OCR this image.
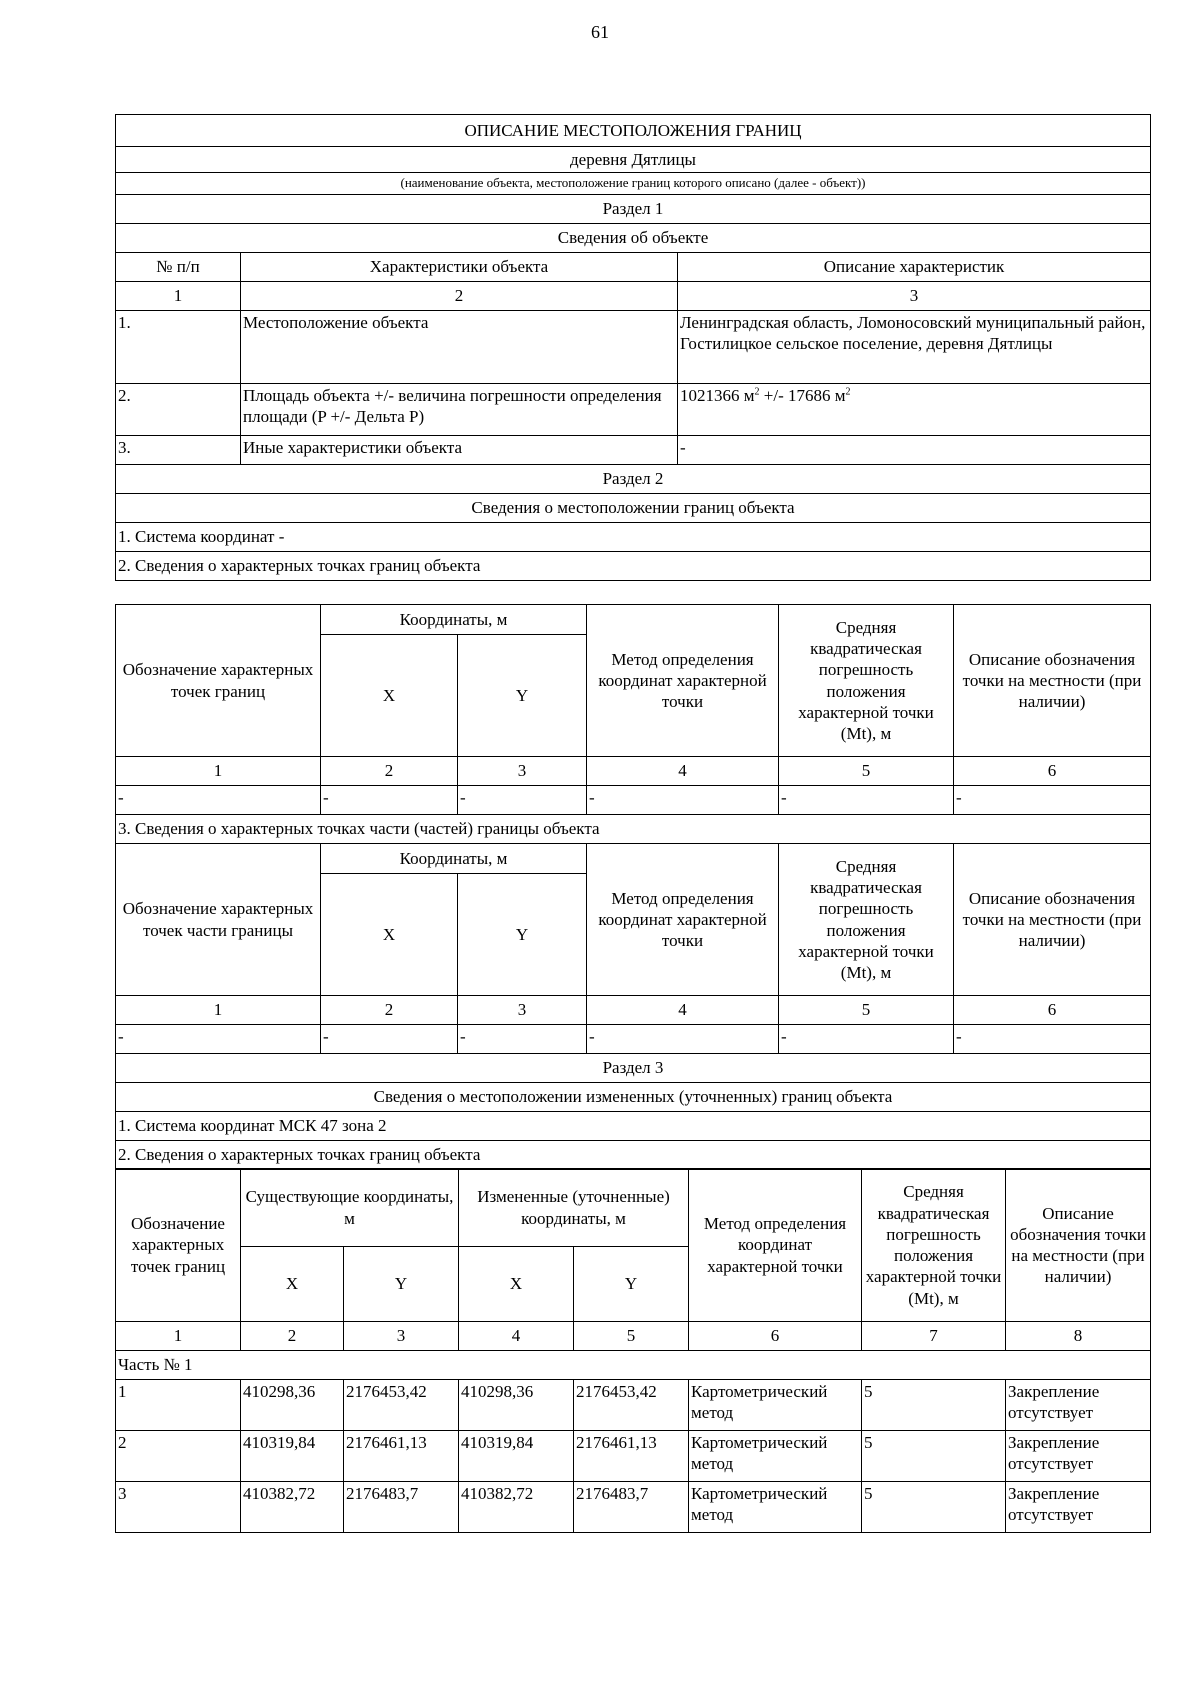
61
ОПИСАНИЕ МЕСТОПОЛОЖЕНИЯ ГРАНИЦ		
деревня Дятлицы		
(наименование объекта, местоположение границ которого описано (далее - объект))		
Раздел 1		
Сведения об объекте		
№ п/п	Характеристики объекта	Описание характеристик
1	2	3
1.	Местоположение объекта	Ленинградская область, Ломоносовский муниципальный район, Гостилицкое сельское поселение, деревня Дятлицы
2.	Площадь объекта +/- величина погрешности определения площади (P +/- Дельта P)	1021366 $м^2$ +/- 17686 $м^2$
3.	Иные характеристики объекта	-
Раздел 2		
Сведения о местоположении границ объекта		
1. Система координат -		
2. Сведения о характерных точках границ объекта		
Обозначение характерных точек границ	Координаты, м		Метод определения координат характерной точки	Средняя квадратическая погрешность положения характерной точки (Mt), м	Описание обозначения точки на местности (при наличии)
	X	Y			
1	2	3	4	5	6
-	-	-	-	-	-
3. Сведения о характерных точках части (частей) границы объекта					
Обозначение характерных точек части границы	Координаты, м		Метод определения координат характерной точки	Средняя квадратическая погрешность положения характерной точки (Mt), м	Описание обозначения точки на местности (при наличии)
	X	Y			
1	2	3	4	5	6
-	-	-	-	-	-
Раздел 3					
Сведения о местоположении измененных (уточненных) границ объекта					
1. Система координат МСК 47 зона 2					
2. Сведения о характерных точках границ объекта					
Обозначение характерных точек границ	Существующие координаты, м		Измененные (уточненные) координаты, м		Метод определения координат характерной точки	Средняя квадратическая погрешность положения характерной точки (Mt), м	Описание обозначения точки на местности (при наличии)
	X	Y	X	Y			
1	2	3	4	5	6	7	8
Часть № 1							
1	410298,36	2176453,42	410298,36	2176453,42	Картометрический метод	5	Закрепление отсутствует
2	410319,84	2176461,13	410319,84	2176461,13	Картометрический метод	5	Закрепление отсутствует
3	410382,72	2176483,7	410382,72	2176483,7	Картометрический метод	5	Закрепление отсутствует
